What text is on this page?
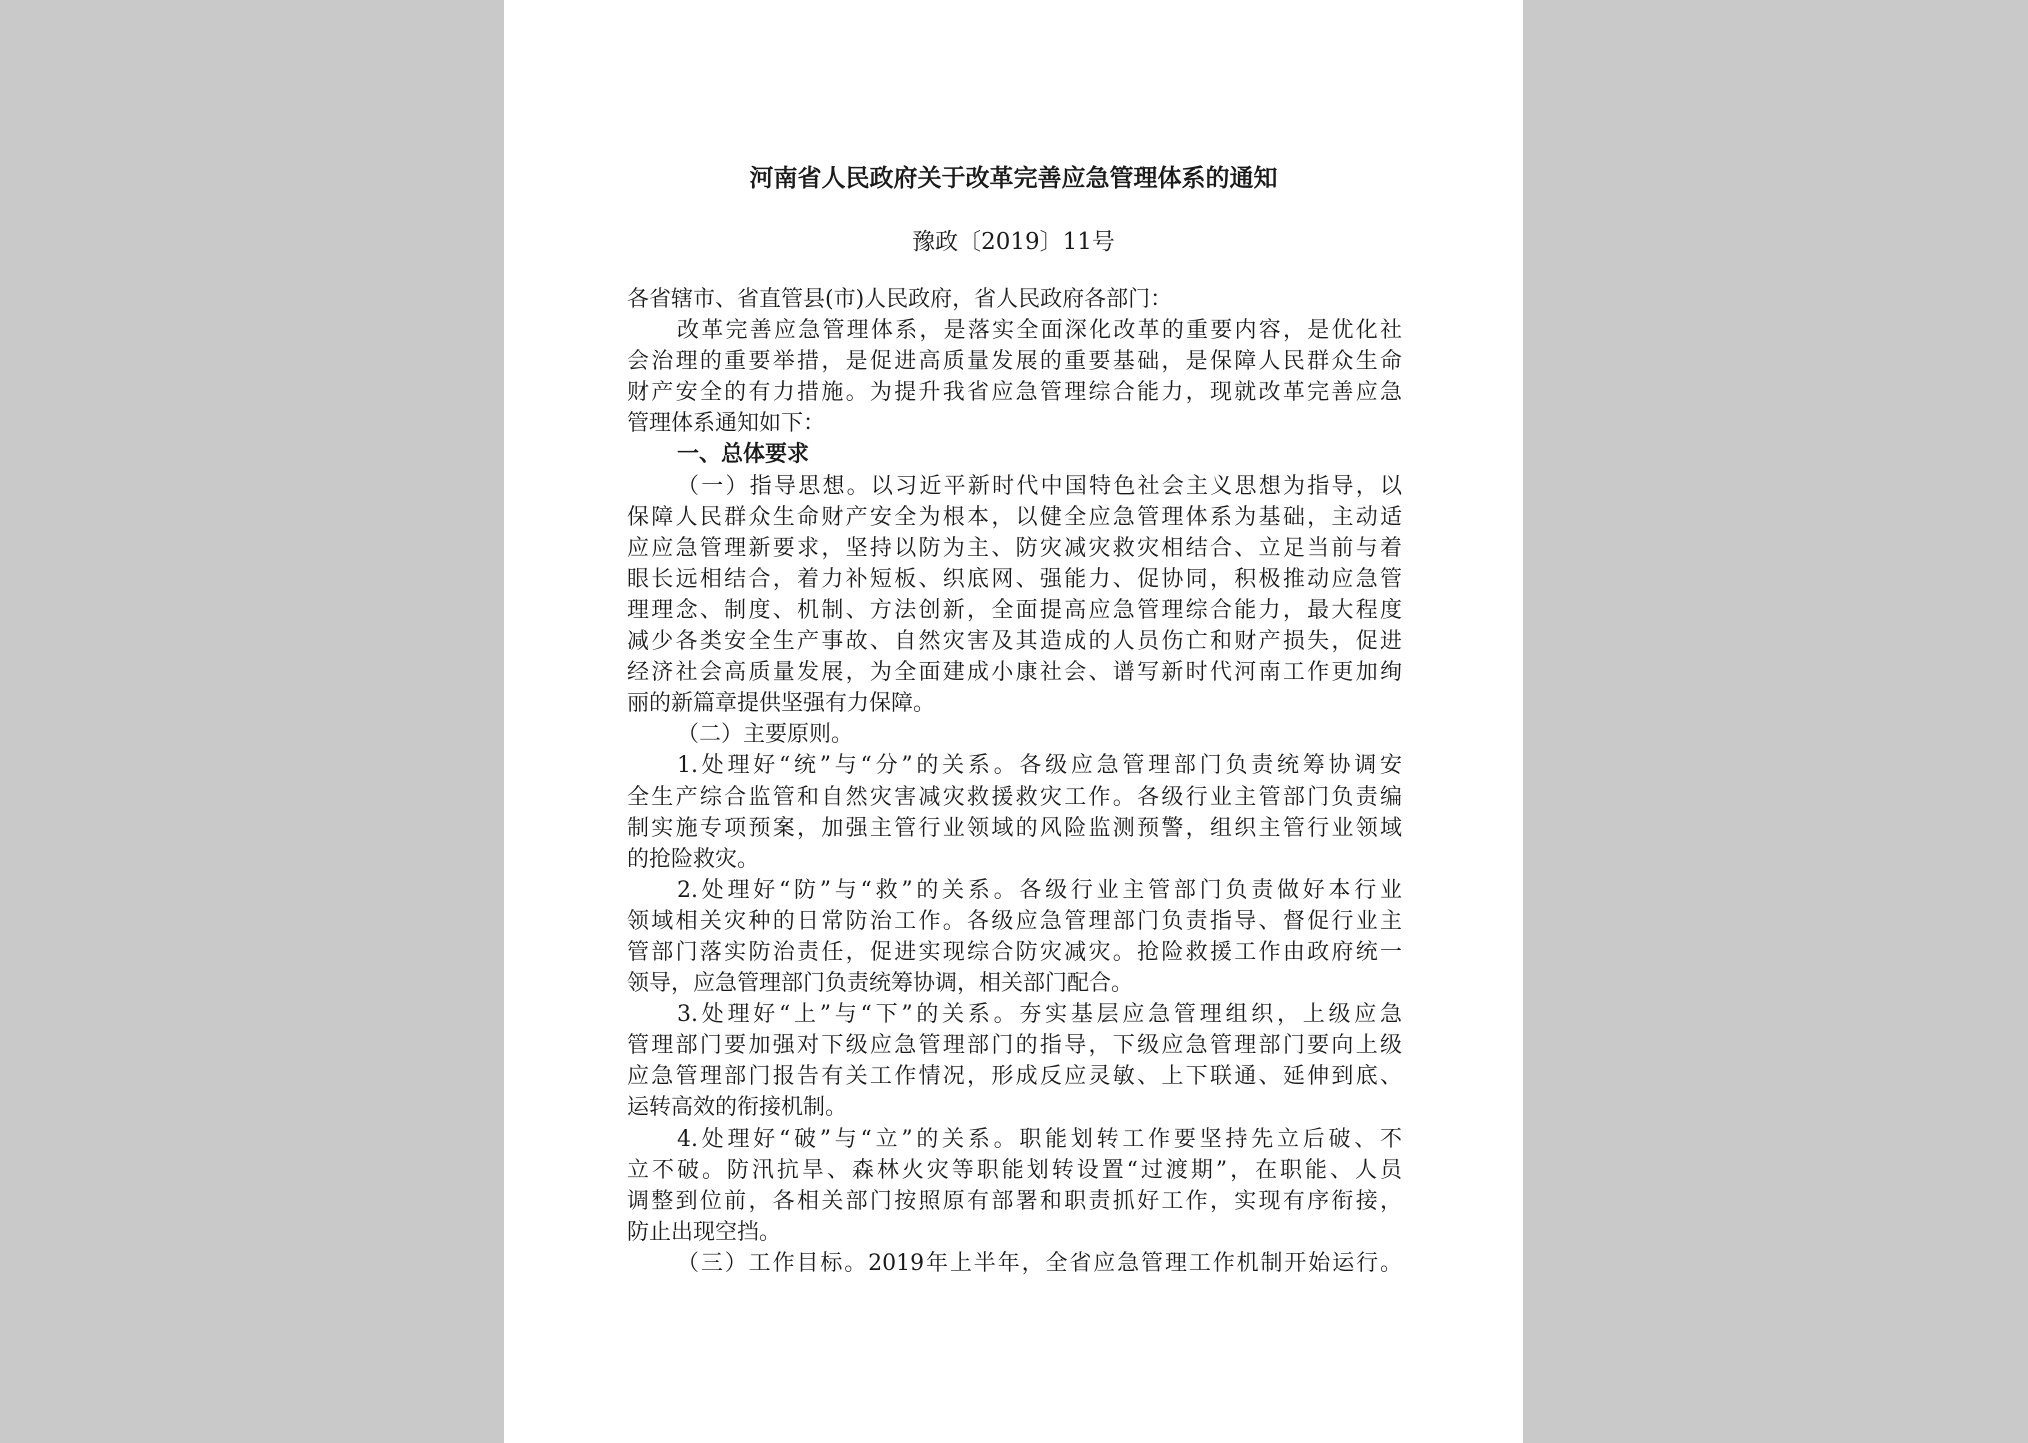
河南省人民政府关于改革完善应急管理体系的通知
豫政〔2019〕11号
各省辖市、省直管县(市)人民政府，省人民政府各部门：
改革完善应急管理体系，是落实全面深化改革的重要内容，是优化社
会治理的重要举措，是促进高质量发展的重要基础，是保障人民群众生命
财产安全的有力措施。为提升我省应急管理综合能力，现就改革完善应急
管理体系通知如下：
一、总体要求
（一）指导思想。以习近平新时代中国特色社会主义思想为指导，以
保障人民群众生命财产安全为根本，以健全应急管理体系为基础，主动适
应应急管理新要求，坚持以防为主、防灾减灾救灾相结合、立足当前与着
眼长远相结合，着力补短板、织底网、强能力、促协同，积极推动应急管
理理念、制度、机制、方法创新，全面提高应急管理综合能力，最大程度
减少各类安全生产事故、自然灾害及其造成的人员伤亡和财产损失，促进
经济社会高质量发展，为全面建成小康社会、谱写新时代河南工作更加绚
丽的新篇章提供坚强有力保障。
（二）主要原则。
1.处理好“统”与“分”的关系。各级应急管理部门负责统筹协调安
全生产综合监管和自然灾害减灾救援救灾工作。各级行业主管部门负责编
制实施专项预案，加强主管行业领域的风险监测预警，组织主管行业领域
的抢险救灾。
2.处理好“防”与“救”的关系。各级行业主管部门负责做好本行业
领域相关灾种的日常防治工作。各级应急管理部门负责指导、督促行业主
管部门落实防治责任，促进实现综合防灾减灾。抢险救援工作由政府统一
领导，应急管理部门负责统筹协调，相关部门配合。
3.处理好“上”与“下”的关系。夯实基层应急管理组织，上级应急
管理部门要加强对下级应急管理部门的指导，下级应急管理部门要向上级
应急管理部门报告有关工作情况，形成反应灵敏、上下联通、延伸到底、
运转高效的衔接机制。
4.处理好“破”与“立”的关系。职能划转工作要坚持先立后破、不
立不破。防汛抗旱、森林火灾等职能划转设置“过渡期”，在职能、人员
调整到位前，各相关部门按照原有部署和职责抓好工作，实现有序衔接，
防止出现空挡。
（三）工作目标。2019年上半年，全省应急管理工作机制开始运行。
